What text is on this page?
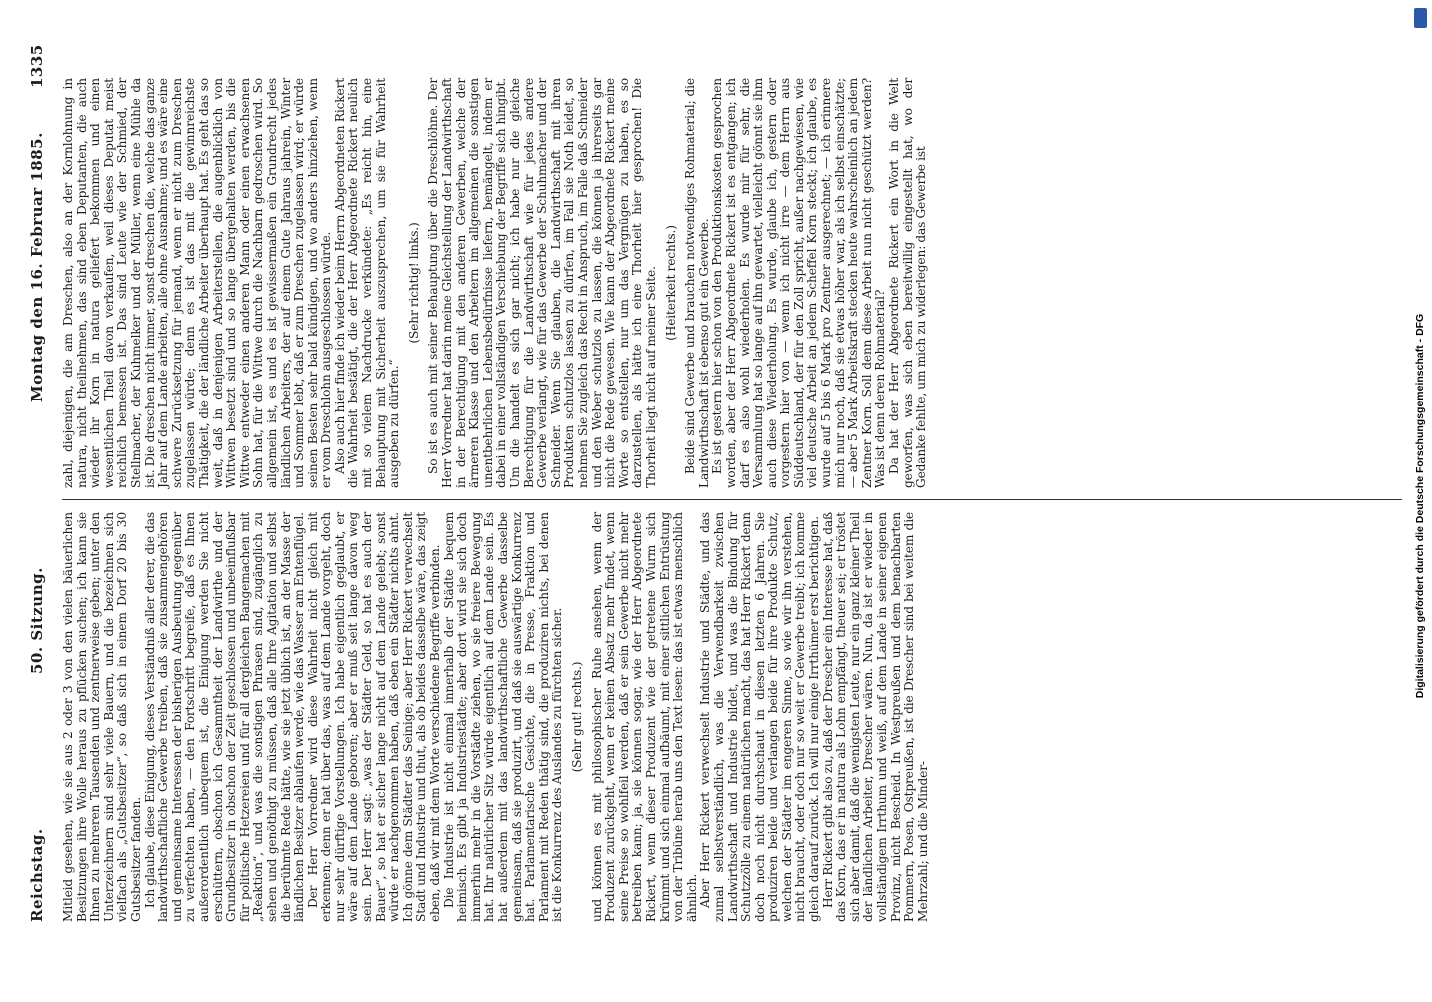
Reichstag.
50. Sitzung.
Montag den 16. Februar 1885.
1335

Mitleid gesehen, wie sie aus 2 oder 3 von den vielen bäuerlichen Besitzungen ihre Wolle heraus zu pflücken suchen; ich kann sie Ihnen zu mehreren Tausenden und zentnerweise geben; unter den Unterzeichnern sind sehr viele Bauern, und die bezeichnen sich vielfach als „Gutsbesitzer“, so daß sich in einem Dorf 20 bis 30 Gutsbesitzer fanden. Ich glaube, diese Einigung, dieses Verständniß aller derer, die das landwirthschaftliche Gewerbe treiben, daß sie zusammengehören und gemeinsame Interessen der bisherigen Ausbeutung gegenüber zu verfechten haben, — den Fortschritt begreife, daß es Ihnen außerordentlich unbequem ist, die Einigung werden Sie nicht erschüttern, obschon ich Gesammtheit der Landwirthe und der Grundbesitzer in obschon der Zeit geschlossen und unbeeinflußbar für politische Hetzereien und für all dergleichen Bangemachen mit „Reaktion“, und was die sonstigen Phrasen sind, zugänglich zu sehen und genöthigt zu müssen, daß alle Ihre Agitation und selbst die berühmte Rede hätte, wie sie jetzt üblich ist, an der Masse der ländlichen Besitzer ablaufen werde, wie das Wasser am Entenflügel. Der Herr Vorredner wird diese Wahrheit nicht gleich mit erkennen; denn er hat über das, was auf dem Lande vorgeht, doch nur sehr dürftige Vorstellungen. Ich habe eigentlich geglaubt, er wäre auf dem Lande geboren; aber er muß seit lange davon weg sein. Der Herr sagt: „was der Städter Geld, so hat es auch der Bauer“, so hat er sicher lange nicht auf dem Lande gelebt; sonst würde er nachgenommen haben, daß eben ein Städter nichts ahnt. Ich gönne dem Städter das Seinige; aber Herr Rickert verwechselt Stadt und Industrie und thut, als ob beides dasselbe wäre, das zeigt eben, daß wir mit dem Worte verschiedene Begriffe verbinden. Die Industrie ist nicht einmal innerhalb der Städte bequem heimisch. Es gibt ja Industriestädte; aber dort wird sie sich doch immerhin mehr in die Vorstädte ziehen, wo sie freiere Bewegung hat. Ihr natürlicher Sitz würde eigentlich auf dem Lande sein. Es hat außerdem mit das landwirthschaftliche Gewerbe dasselbe gemeinsam, daß sie produzirt, und daß sie auswärtige Konkurrenz hat. Parlamentarische Gesichte, die in Presse, Fraktion und Parlament mit Reden thätig sind, die produziren nichts, bei denen ist die Konkurrenz des Auslandes zu fürchten sicher. (Sehr gut! rechts.) und können es mit philosophischer Ruhe ansehen, wenn der Produzent zurückgeht, wenn er keinen Absatz mehr findet, wenn seine Preise so wohlfeil werden, daß er sein Gewerbe nicht mehr betreiben kann; ja, sie können sogar, wie der Herr Abgeordnete Rickert, wenn dieser Produzent wie der getretene Wurm sich krümmt und sich einmal aufbäumt, mit einer sittlichen Entrüstung von der Tribüne herab uns den Text lesen: das ist etwas menschlich ähnlich. Aber Herr Rickert verwechselt Industrie und Städte, und das zumal selbstverständlich, was die Verwendbarkeit zwischen Landwirthschaft und Industrie bildet, und was die Bindung für Schutzzölle zu einem natürlichen macht, das hat Herr Rickert denn doch noch nicht durchschaut in diesen letzten 6 Jahren. Sie produziren beide und verlangen beide für ihre Produkte Schutz, welchen der Städter im engeren Sinne, so wie wir ihn verstehen, nicht braucht, oder doch nur so weit er Gewerbe treibt; ich komme gleich darauf zurück. Ich will nur einige Irrthümer erst berichtigen. Herr Rickert gibt also zu, daß der Drescher ein Interesse hat, daß das Korn, das er in natura als Lohn empfängt, theuer sei; er tröstet sich aber damit, daß die wenigsten Leute, nur ein ganz kleiner Theil der ländlichen Arbeiter, Drescher wären. Nun, da ist er wieder in vollständigem Irrthum und weiß, auf dem Lande in seiner eigenen Provinz, nicht Bescheid. In Westpreußen und dem benachbarten Pommern, Posen, Ostpreußen, ist die Drescher sind bei weitem die Mehrzahl; und die Minder-

zahl, diejenigen, die am Dreschen, also an der Kornlohnung in natura, nicht theilnehmen, das sind eben Deputanten, die auch wieder ihr Korn in natura geliefert bekommen und einen wesentlichen Theil davon verkaufen, weil dieses Deputat meist reichlich bemessen ist. Das sind Leute wie der Schmied, der Stellmacher, der Kuhmelker und der Müller, wenn eine Mühle da ist. Die dreschen nicht immer, sonst dreschen die, welche das ganze Jahr auf dem Lande arbeiten, alle ohne Ausnahme; und es wäre eine schwere Zurücksetzung für jemand, wenn er nicht zum Dreschen zugelassen würde; denn es ist das mit die gewinnreichste Thätigkeit, die der ländliche Arbeiter überhaupt hat. Es geht das so weit, daß in denjenigen Arbeiterstellen, die augenblicklich von Wittwen besetzt sind und so lange übergehalten werden, bis die Wittwe entweder einen anderen Mann oder einen erwachsenen Sohn hat, für die Wittwe durch die Nachbarn gedroschen wird. So allgemein ist, es und es ist gewissermaßen ein Grundrecht jedes ländlichen Arbeiters, der auf einem Gute Jahraus jahrein, Winter und Sommer lebt, daß er zum Dreschen zugelassen wird; er würde seinen Besten sehr bald kündigen, und wo anders hinziehen, wenn er vom Dreschlohn ausgeschlossen würde. Also auch hier finde ich wieder beim Herrn Abgeordneten Rickert die Wahrheit bestätigt, die der Herr Abgeordnete Rickert neulich mit so vielem Nachdrucke verkündete: „Es reicht hin, eine Behauptung mit Sicherheit auszusprechen, um sie für Wahrheit ausgeben zu dürfen.“

(Sehr richtig! links.) So ist es auch mit seiner Behauptung über die Dreschlöhne. Der Herr Vorredner hat darin meine Gleichstellung der Landwirthschaft in der Berechtigung mit den anderen Gewerben, welche der ärmeren Klasse und den Arbeitern im allgemeinen die sonstigen unentbehrlichen Lebensbedürfnisse liefern, bemängelt, indem er dabei in einer vollständigen Verschiebung der Begriffe sich hingibt. Um die handelt es sich gar nicht; ich habe nur die gleiche Berechtigung für die Landwirthschaft wie für jedes andere Gewerbe verlangt, wie für das Gewerbe der Schuhmacher und der Schneider. Wenn Sie glauben, die Landwirthschaft mit ihren Produkten schutzlos lassen zu dürfen, im Fall sie Noth leidet, so nehmen Sie zugleich das Recht in Anspruch, im Falle daß Schneider und den Weber schutzlos zu lassen, die können ja ihrerseits gar nicht die Rede gewesen. Wie kann der Abgeordnete Rickert meine Worte so entstellen, nur um das Vergnügen zu haben, es so darzustellen, als hätte ich eine Thorheit hier gesprochen! Die Thorheit liegt nicht auf meiner Seite. (Heiterkeit rechts.) Beide sind Gewerbe und brauchen notwendiges Rohmaterial; die Landwirthschaft ist ebenso gut ein Gewerbe. Es ist gestern hier schon von den Produktionskosten gesprochen worden, aber der Herr Abgeordnete Rickert ist es entgangen; ich darf es also wohl wiederholen. Es wurde mir für sehr, die Versammlung hat so lange auf ihn gewartet, vielleicht gönnt sie ihm auch diese Wiederholung. Es wurde, glaube ich, gestern oder vorgestern hier von — wenn ich nicht irre — dem Herrn aus Süddeutschland, der für den Zoll spricht, außer nachgewiesen, wie viel deutsche Arbeit an jedem Scheffel Korn steckt; ich glaube, es wurde auf 5 bis 6 Mark pro Zentner ausgerechnet; — ich erinnere mich nur noch, daß sie etwas höher war, als ich selbst einschätzte; — aber 5 Mark Arbeitskraft stecken heute wahrscheinlich an jedem Zentner Korn. Soll denn diese Arbeit nun nicht geschützt werden? Was ist denn deren Rohmaterial? Da hat der Herr Abgeordnete Rickert ein Wort in die Welt geworfen, was sich eben bereitwillig eingestellt hat, wo der Gedanke fehlte, um mich zu widerlegen: das Gewerbe ist	Digitalisierung gefördert durch die Deutsche Forschungsgemeinschaft - DFG
